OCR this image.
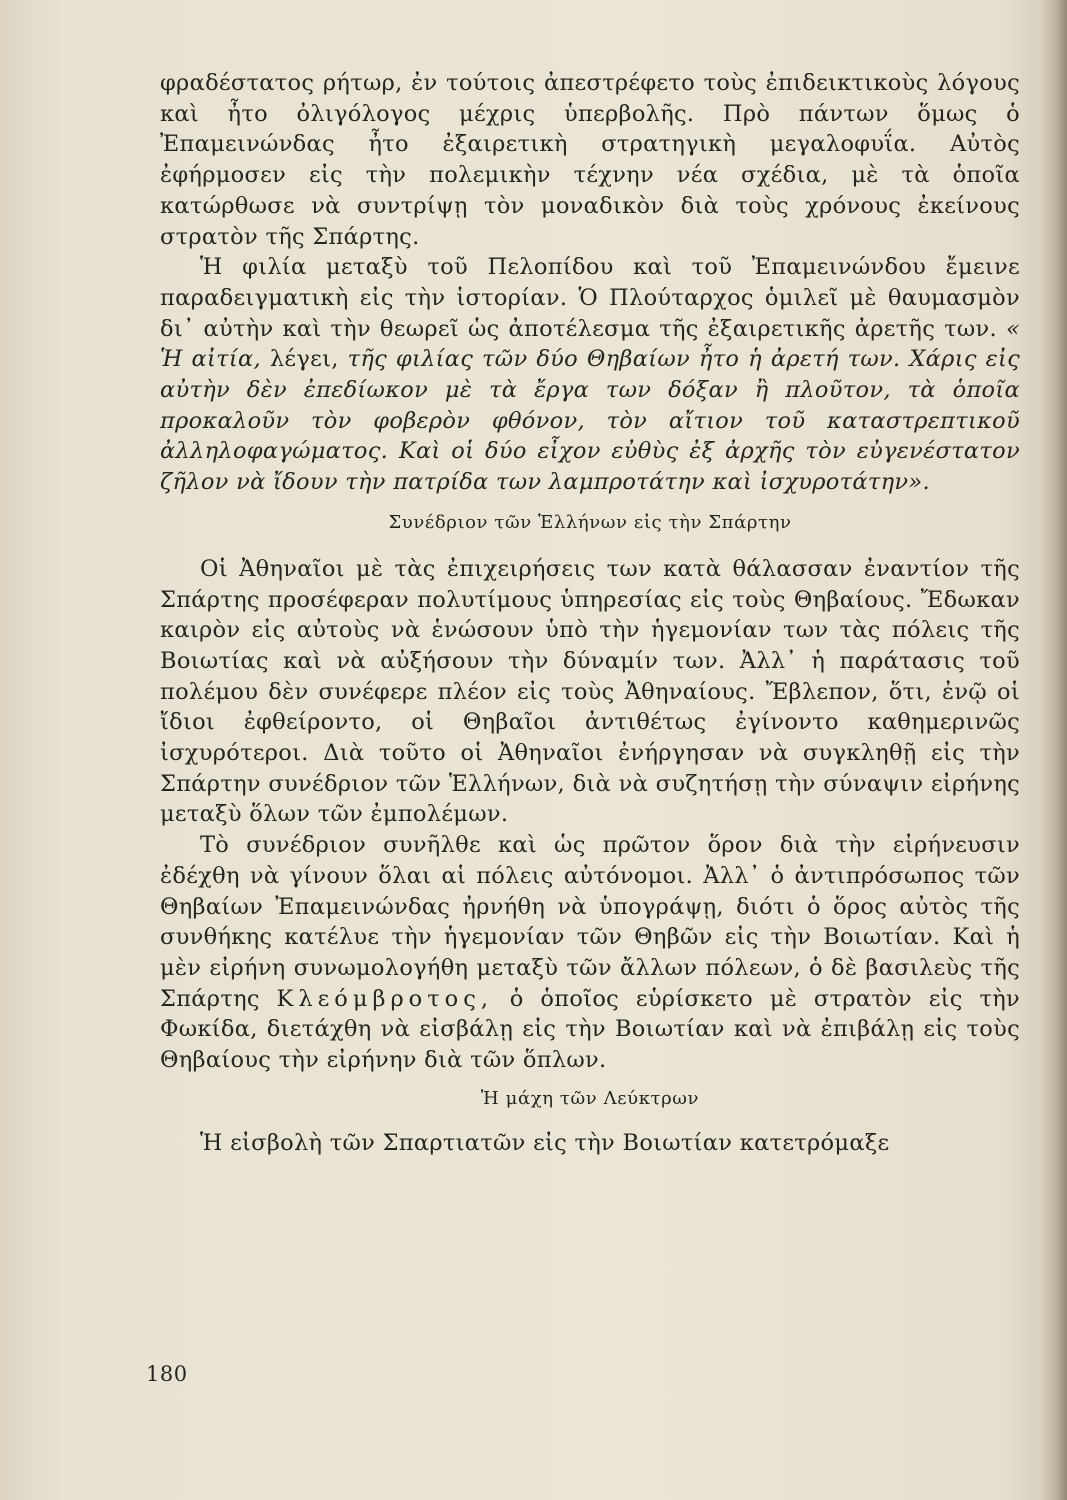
φραδέστατος ρήτωρ, ἐν τούτοις ἀπεστρέφετο τοὺς ἐπιδεικτικοὺς λόγους καὶ ἦτο ὀλιγόλογος μέχρις ὑπερβολῆς. Πρὸ πάντων ὅμως ὁ Ἐπαμεινώνδας ἦτο ἐξαιρετικὴ στρατηγικὴ μεγαλοφυΐα. Αὐτὸς ἐφήρμοσεν εἰς τὴν πολεμικὴν τέχνην νέα σχέδια, μὲ τὰ ὁποῖα κατώρθωσε νὰ συντρίψῃ τὸν μοναδικὸν διὰ τοὺς χρόνους ἐκείνους στρατὸν τῆς Σπάρτης.

Ἡ φιλία μεταξὺ τοῦ Πελοπίδου καὶ τοῦ Ἐπαμεινώνδου ἔμεινε παραδειγματικὴ εἰς τὴν ἱστορίαν. Ὁ Πλούταρχος ὁμιλεῖ μὲ θαυμασμὸν δι᾿ αὐτὴν καὶ τὴν θεωρεῖ ὡς ἀποτέλεσμα τῆς ἐξαιρετικῆς ἀρετῆς των. « Ἡ αἰτία, λέγει, τῆς φιλίας τῶν δύο Θηβαίων ἦτο ἡ ἀρετή των. Χάρις εἰς αὐτὴν δὲν ἐπεδίωκον μὲ τὰ ἔργα των δόξαν ἢ πλοῦτον, τὰ ὁποῖα προκαλοῦν τὸν φοβερὸν φθόνον, τὸν αἴτιον τοῦ καταστρεπτικοῦ ἀλληλοφαγώματος. Καὶ οἱ δύο εἶχον εὐθὺς ἐξ ἀρχῆς τὸν εὐγενέστατον ζῆλον νὰ ἴδουν τὴν πατρίδα των λαμπροτάτην καὶ ἰσχυροτάτην».

Συνέδριον τῶν Ἑλλήνων εἰς τὴν Σπάρτην

Οἱ Ἀθηναῖοι μὲ τὰς ἐπιχειρήσεις των κατὰ θάλασσαν ἐναντίον τῆς Σπάρτης προσέφεραν πολυτίμους ὑπηρεσίας εἰς τοὺς Θηβαίους. Ἔδωκαν καιρὸν εἰς αὐτοὺς νὰ ἑνώσουν ὑπὸ τὴν ἡγεμονίαν των τὰς πόλεις τῆς Βοιωτίας καὶ νὰ αὐξήσουν τὴν δύναμίν των. Ἀλλ᾿ ἡ παράτασις τοῦ πολέμου δὲν συνέφερε πλέον εἰς τοὺς Ἀθηναίους. Ἔβλεπον, ὅτι, ἐνῷ οἱ ἴδιοι ἐφθείροντο, οἱ Θηβαῖοι ἀντιθέτως ἐγίνοντο καθημερινῶς ἰσχυρότεροι. Διὰ τοῦτο οἱ Ἀθηναῖοι ἐνήργησαν νὰ συγκληθῇ εἰς τὴν Σπάρτην συνέδριον τῶν Ἑλλήνων, διὰ νὰ συζητήσῃ τὴν σύναψιν εἰρήνης μεταξὺ ὅλων τῶν ἐμπολέμων.

Τὸ συνέδριον συνῆλθε καὶ ὡς πρῶτον ὅρον διὰ τὴν εἰρήνευσιν ἐδέχθη νὰ γίνουν ὅλαι αἱ πόλεις αὐτόνομοι. Ἀλλ᾿ ὁ ἀντιπρόσωπος τῶν Θηβαίων Ἐπαμεινώνδας ἠρνήθη νὰ ὑπογράψῃ, διότι ὁ ὅρος αὐτὸς τῆς συνθήκης κατέλυε τὴν ἡγεμονίαν τῶν Θηβῶν εἰς τὴν Βοιωτίαν. Καὶ ἡ μὲν εἰρήνη συνωμολογήθη μεταξὺ τῶν ἄλλων πόλεων, ὁ δὲ βασιλεὺς τῆς Σπάρτης Κλεόμβροτος, ὁ ὁποῖος εὑρίσκετο μὲ στρατὸν εἰς τὴν Φωκίδα, διετάχθη νὰ εἰσβάλῃ εἰς τὴν Βοιωτίαν καὶ νὰ ἐπιβάλῃ εἰς τοὺς Θηβαίους τὴν εἰρήνην διὰ τῶν ὅπλων.

Ἡ μάχη τῶν Λεύκτρων

Ἡ εἰσβολὴ τῶν Σπαρτιατῶν εἰς τὴν Βοιωτίαν κατετρόμαξε

180
